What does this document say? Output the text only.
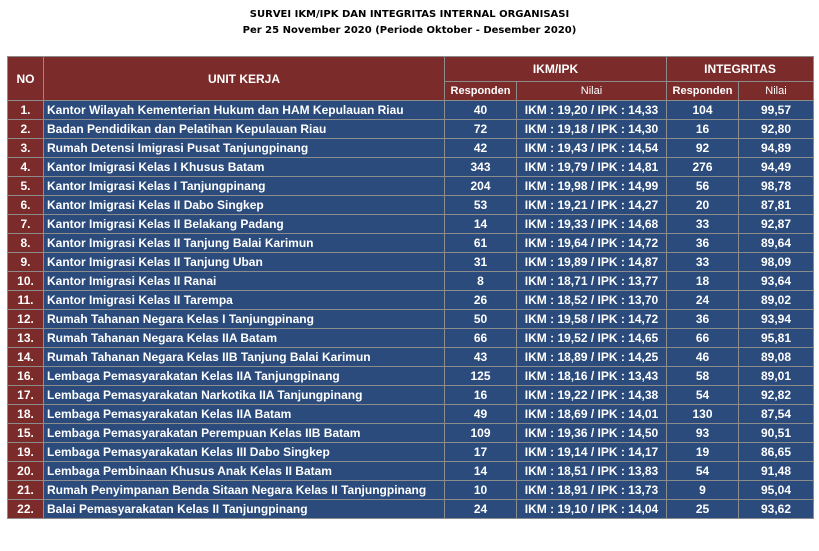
SURVEI IKM/IPK DAN INTEGRITAS INTERNAL ORGANISASI
Per 25 November 2020 (Periode Oktober - Desember 2020)
NO	UNIT KERJA	IKM/IPK		INTEGRITAS	
		Responden	Nilai	Responden	Nilai
1.	Kantor Wilayah Kementerian Hukum dan HAM Kepulauan Riau	40	IKM : 19,20 / IPK : 14,33	104	99,57
2.	Badan Pendidikan dan Pelatihan Kepulauan Riau	72	IKM : 19,18 / IPK : 14,30	16	92,80
3.	Rumah Detensi Imigrasi Pusat Tanjungpinang	42	IKM : 19,43 / IPK : 14,54	92	94,89
4.	Kantor Imigrasi Kelas I Khusus Batam	343	IKM : 19,79 / IPK : 14,81	276	94,49
5.	Kantor Imigrasi Kelas I Tanjungpinang	204	IKM : 19,98 / IPK : 14,99	56	98,78
6.	Kantor Imigrasi Kelas II Dabo Singkep	53	IKM : 19,21 / IPK : 14,27	20	87,81
7.	Kantor Imigrasi Kelas II Belakang Padang	14	IKM : 19,33 / IPK : 14,68	33	92,87
8.	Kantor Imigrasi Kelas II Tanjung Balai Karimun	61	IKM : 19,64 / IPK : 14,72	36	89,64
9.	Kantor Imigrasi Kelas II Tanjung Uban	31	IKM : 19,89 / IPK : 14,87	33	98,09
10.	Kantor Imigrasi Kelas II Ranai	8	IKM : 18,71 / IPK : 13,77	18	93,64
11.	Kantor Imigrasi Kelas II Tarempa	26	IKM : 18,52 / IPK : 13,70	24	89,02
12.	Rumah Tahanan Negara Kelas I Tanjungpinang	50	IKM : 19,58 / IPK : 14,72	36	93,94
13.	Rumah Tahanan Negara Kelas IIA Batam	66	IKM : 19,52 / IPK : 14,65	66	95,81
14.	Rumah Tahanan Negara Kelas IIB Tanjung Balai Karimun	43	IKM : 18,89 / IPK : 14,25	46	89,08
16.	Lembaga Pemasyarakatan Kelas IIA Tanjungpinang	125	IKM : 18,16 / IPK : 13,43	58	89,01
17.	Lembaga Pemasyarakatan Narkotika IIA Tanjungpinang	16	IKM : 19,22 / IPK : 14,38	54	92,82
18.	Lembaga Pemasyarakatan Kelas IIA Batam	49	IKM : 18,69 / IPK : 14,01	130	87,54
15.	Lembaga Pemasyarakatan Perempuan Kelas IIB Batam	109	IKM : 19,36 / IPK : 14,50	93	90,51
19.	Lembaga Pemasyarakatan Kelas III Dabo Singkep	17	IKM : 19,14 / IPK : 14,17	19	86,65
20.	Lembaga Pembinaan Khusus Anak Kelas II Batam	14	IKM : 18,51 / IPK : 13,83	54	91,48
21.	Rumah Penyimpanan Benda Sitaan Negara Kelas II Tanjungpinang	10	IKM : 18,91 / IPK : 13,73	9	95,04
22.	Balai Pemasyarakatan Kelas II Tanjungpinang	24	IKM : 19,10 / IPK : 14,04	25	93,62
